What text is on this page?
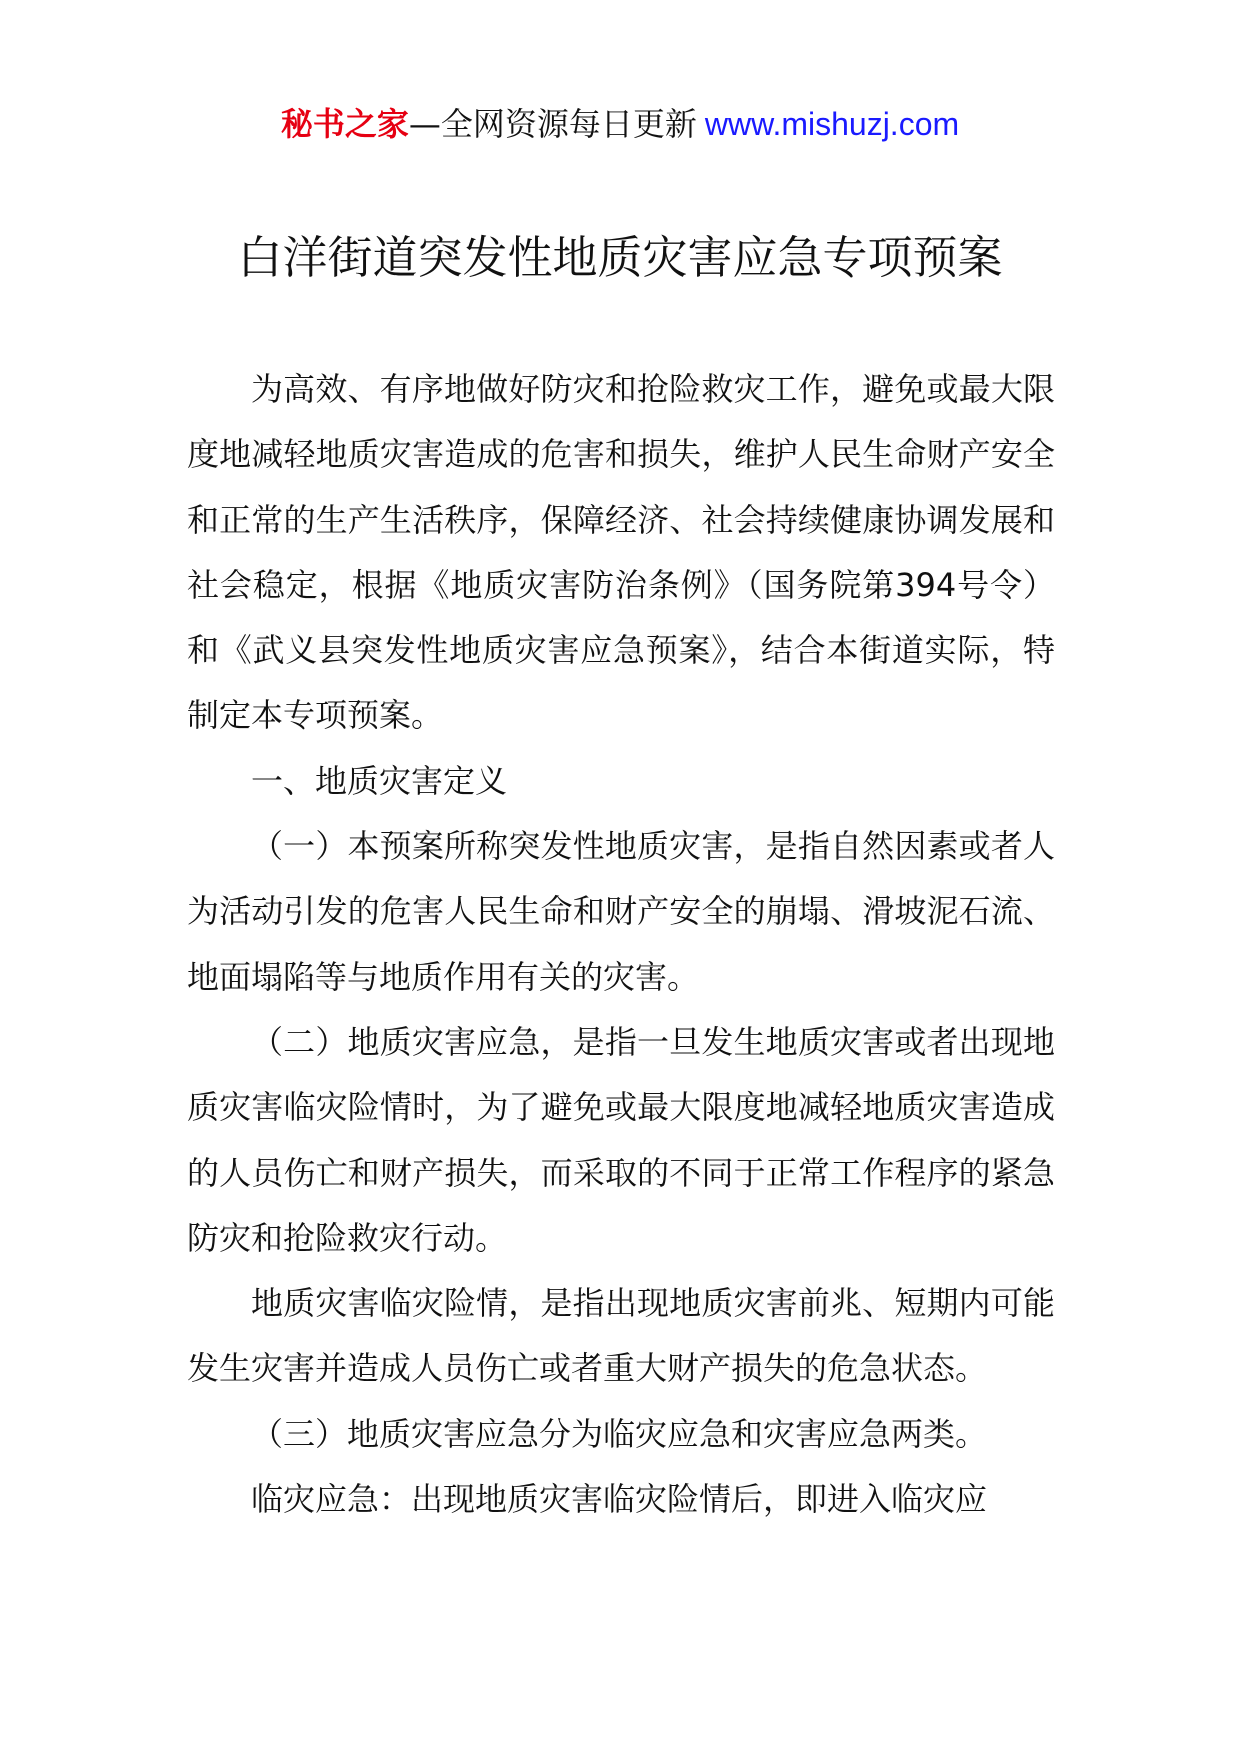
秘书之家—全网资源每日更新 www.mishuzj.com
白洋街道突发性地质灾害应急专项预案

为高效、有序地做好防灾和抢险救灾工作，避免或最大限度地减轻地质灾害造成的危害和损失，维护人民生命财产安全和正常的生产生活秩序，保障经济、社会持续健康协调发展和社会稳定，根据《地质灾害防治条例》（国务院第394号令）和《武义县突发性地质灾害应急预案》，结合本街道实际，特制定本专项预案。

一、地质灾害定义

（一）本预案所称突发性地质灾害，是指自然因素或者人为活动引发的危害人民生命和财产安全的崩塌、滑坡泥石流、地面塌陷等与地质作用有关的灾害。

（二）地质灾害应急，是指一旦发生地质灾害或者出现地质灾害临灾险情时，为了避免或最大限度地减轻地质灾害造成的人员伤亡和财产损失，而采取的不同于正常工作程序的紧急防灾和抢险救灾行动。

地质灾害临灾险情，是指出现地质灾害前兆、短期内可能发生灾害并造成人员伤亡或者重大财产损失的危急状态。

（三）地质灾害应急分为临灾应急和灾害应急两类。

临灾应急：出现地质灾害临灾险情后，即进入临灾应
